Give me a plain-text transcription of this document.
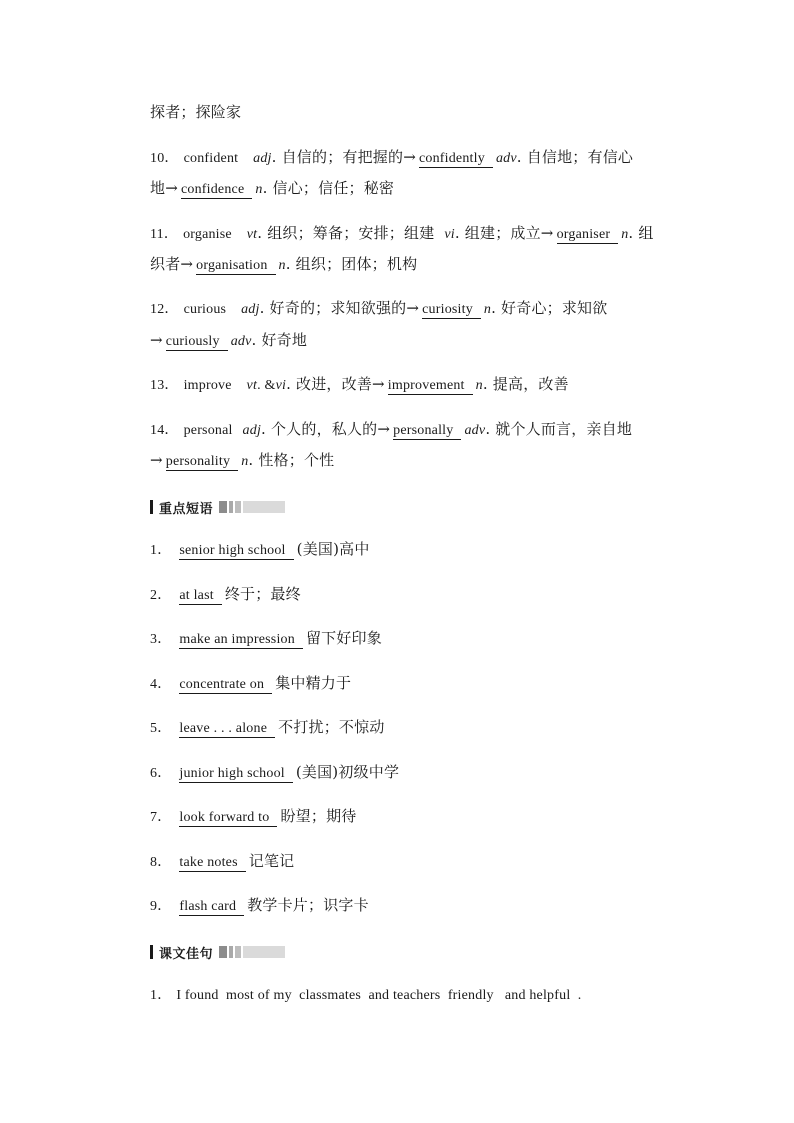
探者；探险家
10． confident adj. 自信的；有把握的→ confidently adv. 自信地；有信心
地→ confidence n. 信心；信任；秘密
11． organise vt. 组织；筹备；安排；组建 vi. 组建；成立→ organiser n. 组
织者→ organisation n. 组织；团体；机构
12． curious adj. 好奇的；求知欲强的→ curiosity n. 好奇心；求知欲
→ curiously adv. 好奇地
13． improve vt. &vi. 改进，改善→ improvement n. 提高，改善
14． personal adj. 个人的，私人的→ personally adv. 就个人而言，亲自地
→ personality n. 性格；个性
重点短语
1． senior high school (美国)高中
2． at last 终于；最终
3． make an impression 留下好印象
4． concentrate on 集中精力于
5． leave . . . alone 不打扰；不惊动
6． junior high school (美国)初级中学
7． look forward to 盼望；期待
8． take notes 记笔记
9． flash card 教学卡片；识字卡
课文佳句
1． I found  most of my  classmates  and teachers  friendly   and helpful  .
